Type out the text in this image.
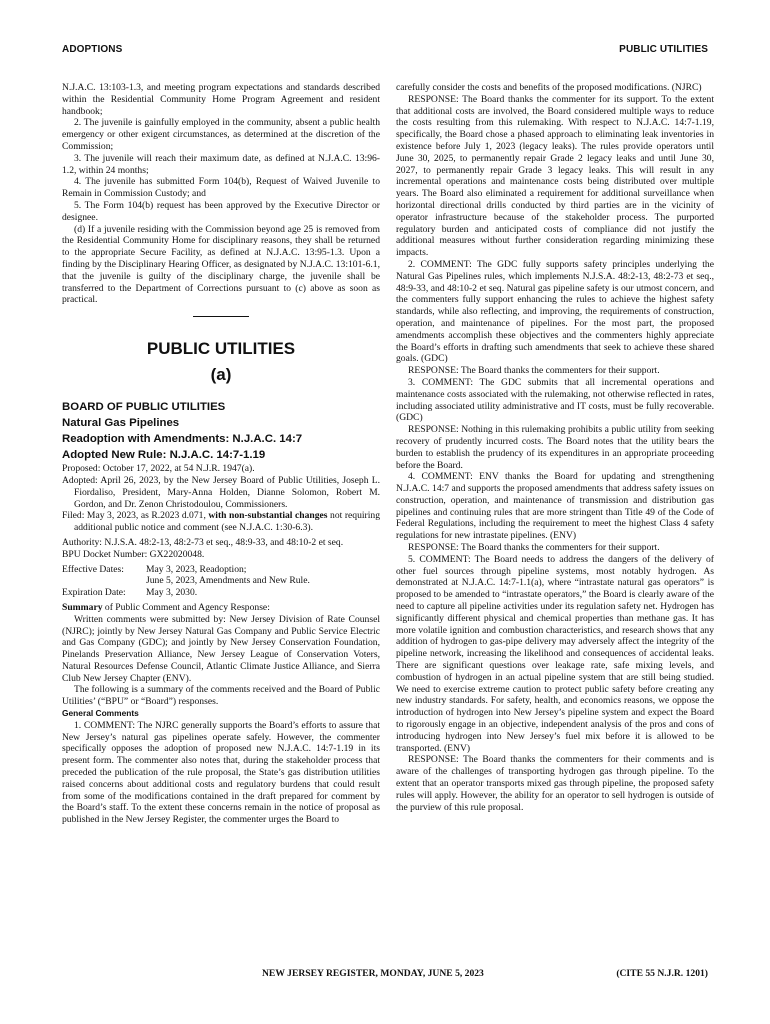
ADOPTIONS	PUBLIC UTILITIES

N.J.A.C. 13:103-1.3, and meeting program expectations and standards described within the Residential Community Home Program Agreement and resident handbook;

2. The juvenile is gainfully employed in the community, absent a public health emergency or other exigent circumstances, as determined at the discretion of the Commission;

3. The juvenile will reach their maximum date, as defined at N.J.A.C. 13:96-1.2, within 24 months;

4. The juvenile has submitted Form 104(b), Request of Waived Juvenile to Remain in Commission Custody; and

5. The Form 104(b) request has been approved by the Executive Director or designee.

(d) If a juvenile residing with the Commission beyond age 25 is removed from the Residential Community Home for disciplinary reasons, they shall be returned to the appropriate Secure Facility, as defined at N.J.A.C. 13:95-1.3. Upon a finding by the Disciplinary Hearing Officer, as designated by N.J.A.C. 13:101-6.1, that the juvenile is guilty of the disciplinary charge, the juvenile shall be transferred to the Department of Corrections pursuant to (c) above as soon as practical.

PUBLIC UTILITIES

(a)

BOARD OF PUBLIC UTILITIES

Natural Gas Pipelines

Readoption with Amendments: N.J.A.C. 14:7

Adopted New Rule: N.J.A.C. 14:7-1.19

Proposed: October 17, 2022, at 54 N.J.R. 1947(a).

Adopted: April 26, 2023, by the New Jersey Board of Public Utilities, Joseph L. Fiordaliso, President, Mary-Anna Holden, Dianne Solomon, Robert M. Gordon, and Dr. Zenon Christodoulou, Commissioners.

Filed: May 3, 2023, as R.2023 d.071, with non-substantial changes not requiring additional public notice and comment (see N.J.A.C. 1:30-6.3).

Authority: N.J.S.A. 48:2-13, 48:2-73 et seq., 48:9-33, and 48:10-2 et seq.

BPU Docket Number: GX22020048.

Effective Dates:	May 3, 2023, Readoption;
June 5, 2023, Amendments and New Rule.
Expiration Date:	May 3, 2030.

Summary of Public Comment and Agency Response:

Written comments were submitted by: New Jersey Division of Rate Counsel (NJRC); jointly by New Jersey Natural Gas Company and Public Service Electric and Gas Company (GDC); and jointly by New Jersey Conservation Foundation, Pinelands Preservation Alliance, New Jersey League of Conservation Voters, Natural Resources Defense Council, Atlantic Climate Justice Alliance, and Sierra Club New Jersey Chapter (ENV).

The following is a summary of the comments received and the Board of Public Utilities’ (“BPU” or “Board”) responses.

General Comments

1. COMMENT: The NJRC generally supports the Board’s efforts to assure that New Jersey’s natural gas pipelines operate safely. However, the commenter specifically opposes the adoption of proposed new N.J.A.C. 14:7-1.19 in its present form. The commenter also notes that, during the stakeholder process that preceded the publication of the rule proposal, the State’s gas distribution utilities raised concerns about additional costs and regulatory burdens that could result from some of the modifications contained in the draft prepared for comment by the Board’s staff. To the extent these concerns remain in the notice of proposal as published in the New Jersey Register, the commenter urges the Board to

carefully consider the costs and benefits of the proposed modifications. (NJRC)

RESPONSE: The Board thanks the commenter for its support. To the extent that additional costs are involved, the Board considered multiple ways to reduce the costs resulting from this rulemaking. With respect to N.J.A.C. 14:7-1.19, specifically, the Board chose a phased approach to eliminating leak inventories in existence before July 1, 2023 (legacy leaks). The rules provide operators until June 30, 2025, to permanently repair Grade 2 legacy leaks and until June 30, 2027, to permanently repair Grade 3 legacy leaks. This will result in any incremental operations and maintenance costs being distributed over multiple years. The Board also eliminated a requirement for additional surveillance when horizontal directional drills conducted by third parties are in the vicinity of operator infrastructure because of the stakeholder process. The purported regulatory burden and anticipated costs of compliance did not justify the additional measures without further consideration regarding minimizing these impacts.

2. COMMENT: The GDC fully supports safety principles underlying the Natural Gas Pipelines rules, which implements N.J.S.A. 48:2-13, 48:2-73 et seq., 48:9-33, and 48:10-2 et seq. Natural gas pipeline safety is our utmost concern, and the commenters fully support enhancing the rules to achieve the highest safety standards, while also reflecting, and improving, the requirements of construction, operation, and maintenance of pipelines. For the most part, the proposed amendments accomplish these objectives and the commenters highly appreciate the Board’s efforts in drafting such amendments that seek to achieve these shared goals. (GDC)

RESPONSE: The Board thanks the commenters for their support.

3. COMMENT: The GDC submits that all incremental operations and maintenance costs associated with the rulemaking, not otherwise reflected in rates, including associated utility administrative and IT costs, must be fully recoverable. (GDC)

RESPONSE: Nothing in this rulemaking prohibits a public utility from seeking recovery of prudently incurred costs. The Board notes that the utility bears the burden to establish the prudency of its expenditures in an appropriate proceeding before the Board.

4. COMMENT: ENV thanks the Board for updating and strengthening N.J.A.C. 14:7 and supports the proposed amendments that address safety issues on construction, operation, and maintenance of transmission and distribution gas pipelines and continuing rules that are more stringent than Title 49 of the Code of Federal Regulations, including the requirement to meet the highest Class 4 safety regulations for new intrastate pipelines. (ENV)

RESPONSE: The Board thanks the commenters for their support.

5. COMMENT: The Board needs to address the dangers of the delivery of other fuel sources through pipeline systems, most notably hydrogen. As demonstrated at N.J.A.C. 14:7-1.1(a), where “intrastate natural gas operators” is proposed to be amended to “intrastate operators,” the Board is clearly aware of the need to capture all pipeline activities under its regulation safety net. Hydrogen has significantly different physical and chemical properties than methane gas. It has more volatile ignition and combustion characteristics, and research shows that any addition of hydrogen to gas-pipe delivery may adversely affect the integrity of the pipeline network, increasing the likelihood and consequences of accidental leaks. There are significant questions over leakage rate, safe mixing levels, and combustion of hydrogen in an actual pipeline system that are still being studied. We need to exercise extreme caution to protect public safety before creating any new industry standards. For safety, health, and economics reasons, we oppose the introduction of hydrogen into New Jersey’s pipeline system and expect the Board to rigorously engage in an objective, independent analysis of the pros and cons of introducing hydrogen into New Jersey’s fuel mix before it is allowed to be transported. (ENV)

RESPONSE: The Board thanks the commenters for their comments and is aware of the challenges of transporting hydrogen gas through pipeline. To the extent that an operator transports mixed gas through pipeline, the proposed safety rules will apply. However, the ability for an operator to sell hydrogen is outside of the purview of this rule proposal.

NEW JERSEY REGISTER, MONDAY, JUNE 5, 2023	(CITE 55 N.J.R. 1201)
